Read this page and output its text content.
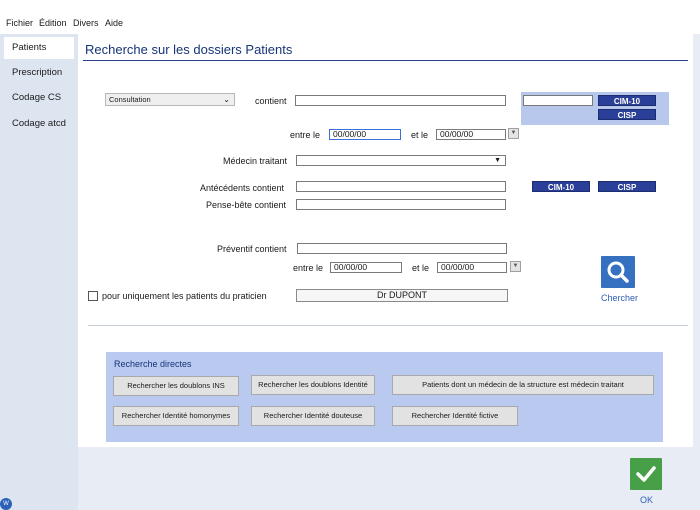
Fichier Édition Divers Aide
Patients
Prescription
Codage CS
Codage atcd
Recherche sur les dossiers Patients
Consultation	⌄	contient	CIM-10
CISP
entre le	00/00/00	et le	00/00/00	▼
Médecin traitant	▼
Antécédents contient	CIM-10	CISP
Pense-bête contient
Préventif contient
entre le	00/00/00	et le	00/00/00	▼
pour uniquement les patients du praticien	Dr DUPONT	Chercher
Recherche directes
Rechercher les doublons INS	Rechercher les doublons Identité	Patients dont un médecin de la structure est médecin traitant
Rechercher Identité homonymes	Rechercher Identité douteuse	Rechercher Identité fictive
OK
W
